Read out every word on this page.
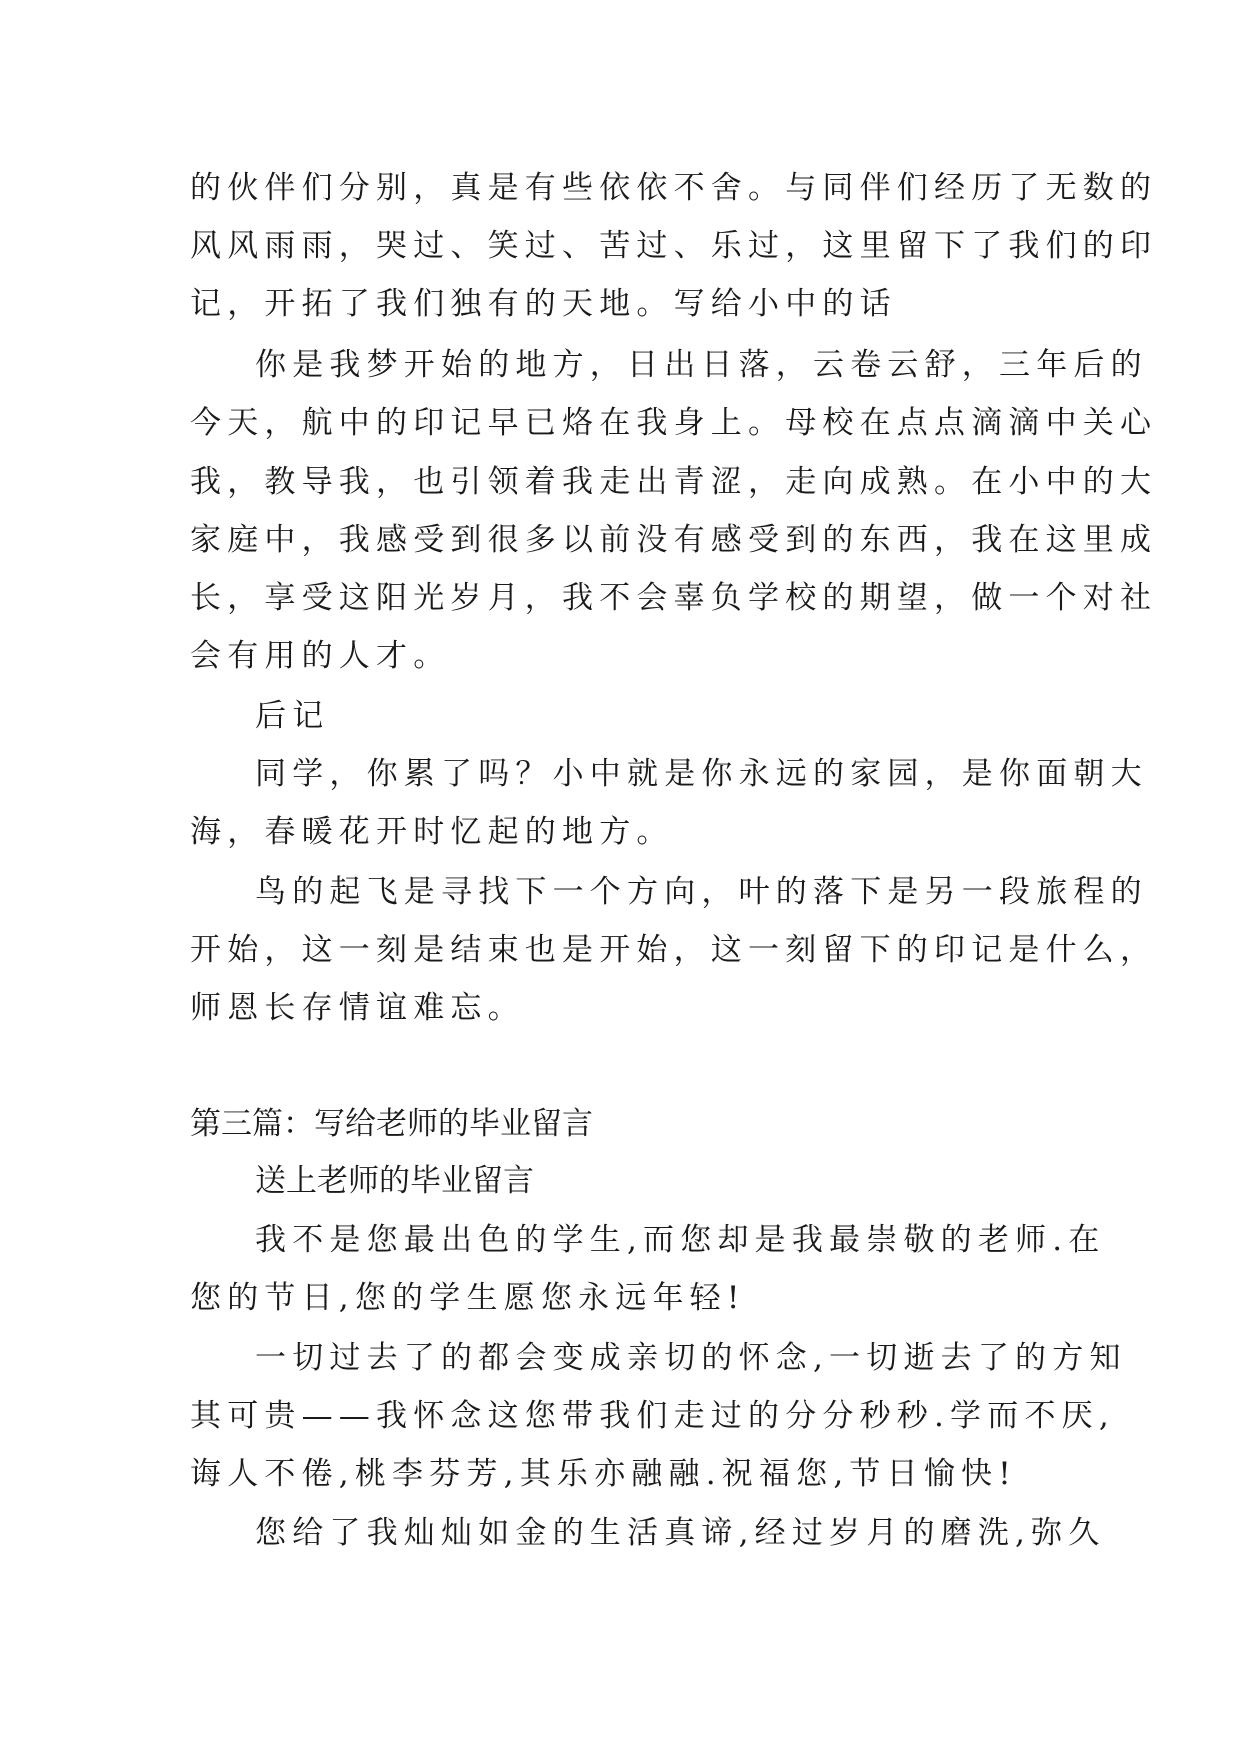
的伙伴们分别，真是有些依依不舍。与同伴们经历了无数的
风风雨雨，哭过、笑过、苦过、乐过，这里留下了我们的印
记，开拓了我们独有的天地。写给小中的话
你是我梦开始的地方，日出日落，云卷云舒，三年后的
今天，航中的印记早已烙在我身上。母校在点点滴滴中关心
我，教导我，也引领着我走出青涩，走向成熟。在小中的大
家庭中，我感受到很多以前没有感受到的东西，我在这里成
长，享受这阳光岁月，我不会辜负学校的期望，做一个对社
会有用的人才。
后记
同学，你累了吗？小中就是你永远的家园，是你面朝大
海，春暖花开时忆起的地方。
鸟的起飞是寻找下一个方向，叶的落下是另一段旅程的
开始，这一刻是结束也是开始，这一刻留下的印记是什么，
师恩长存情谊难忘。
第三篇：写给老师的毕业留言
送上老师的毕业留言
我不是您最出色的学生,而您却是我最崇敬的老师.在
您的节日,您的学生愿您永远年轻!
一切过去了的都会变成亲切的怀念,一切逝去了的方知
其可贵——我怀念这您带我们走过的分分秒秒.学而不厌,
诲人不倦,桃李芬芳,其乐亦融融.祝福您,节日愉快!
您给了我灿灿如金的生活真谛,经过岁月的磨洗,弥久
